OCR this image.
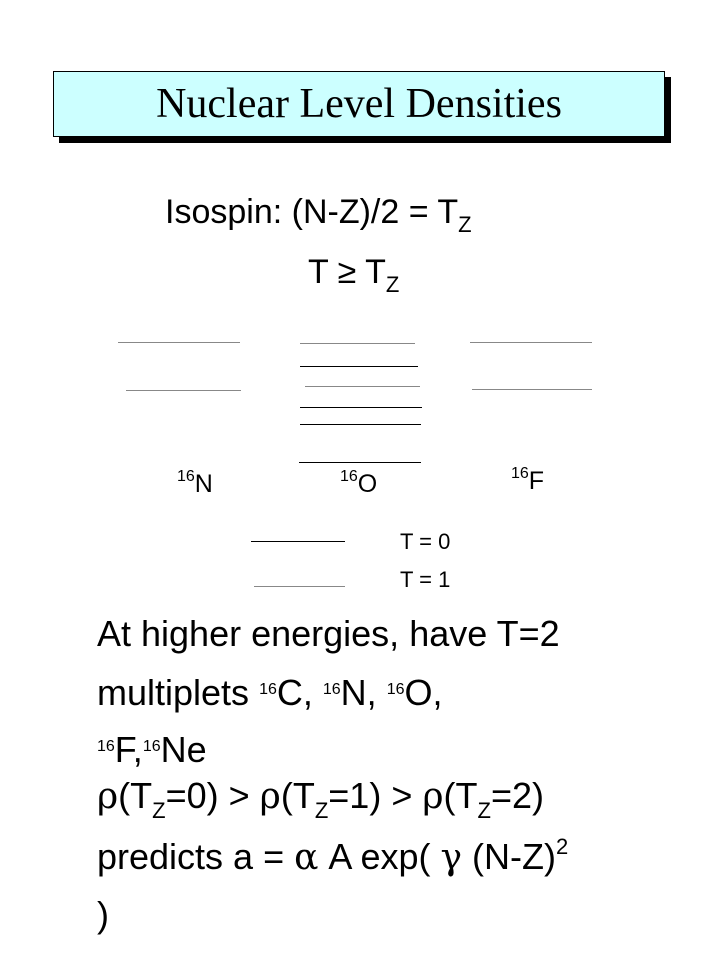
Nuclear Level Densities
Isospin: $(N-Z)/2 = T_Z$
$T \ge T_Z$
$^{16}$N	$^{16}$O	$^{16}$F
T = 0
T = 1
At higher energies, have T=2
multiplets $^{16}$C, $^{16}$N, $^{16}$O,
$^{16}$F,$^{16}$Ne
$\rho(T_Z=0) > \rho(T_Z=1) > \rho(T_Z=2)$
predicts a = α A exp( γ $(N-Z)^2$
)
